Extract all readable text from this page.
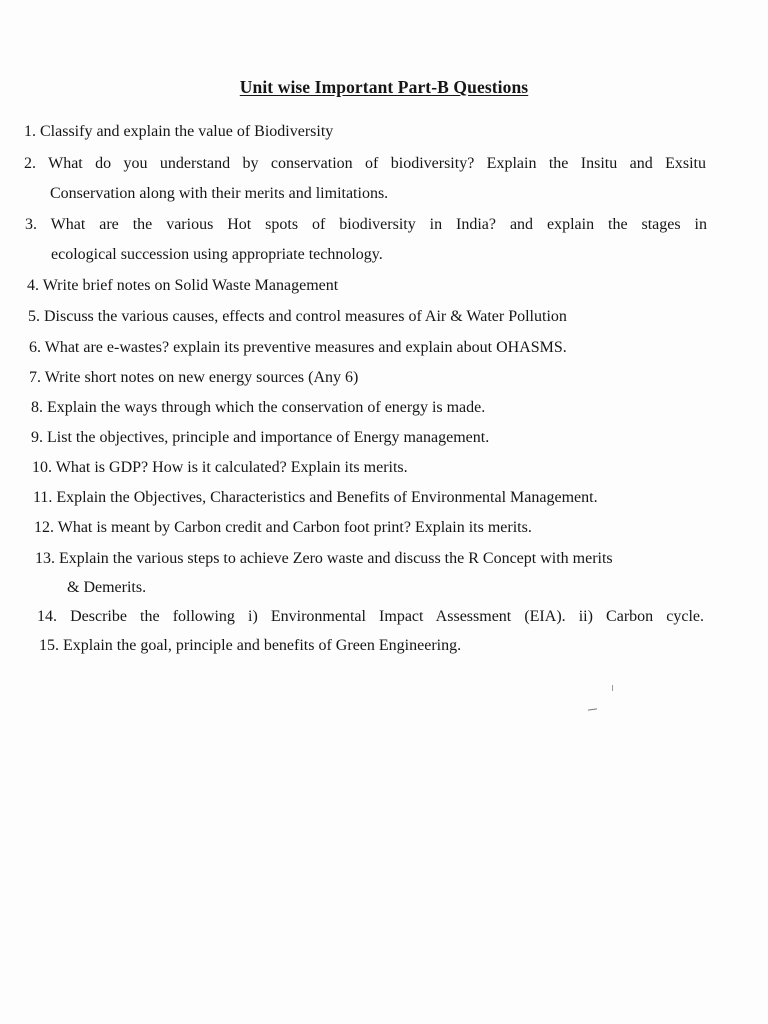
Unit wise Important Part-B Questions
1. Classify and explain the value of Biodiversity
2. What do you understand by conservation of biodiversity? Explain the Insitu and Exsitu
Conservation along with their merits and limitations.
3. What are the various Hot spots of biodiversity in India? and explain the stages in
ecological succession using appropriate technology.
4. Write brief notes on Solid Waste Management
5. Discuss the various causes, effects and control measures of Air & Water Pollution
6. What are e-wastes? explain its preventive measures and explain about OHASMS.
7. Write short notes on new energy sources (Any 6)
8. Explain the ways through which the conservation of energy is made.
9. List the objectives, principle and importance of Energy management.
10. What is GDP? How is it calculated? Explain its merits.
11. Explain the Objectives, Characteristics and Benefits of Environmental Management.
12. What is meant by Carbon credit and Carbon foot print? Explain its merits.
13. Explain the various steps to achieve Zero waste and discuss the R Concept with merits
& Demerits.
14. Describe the following i) Environmental Impact Assessment (EIA). ii) Carbon cycle.
15. Explain the goal, principle and benefits of Green Engineering.
